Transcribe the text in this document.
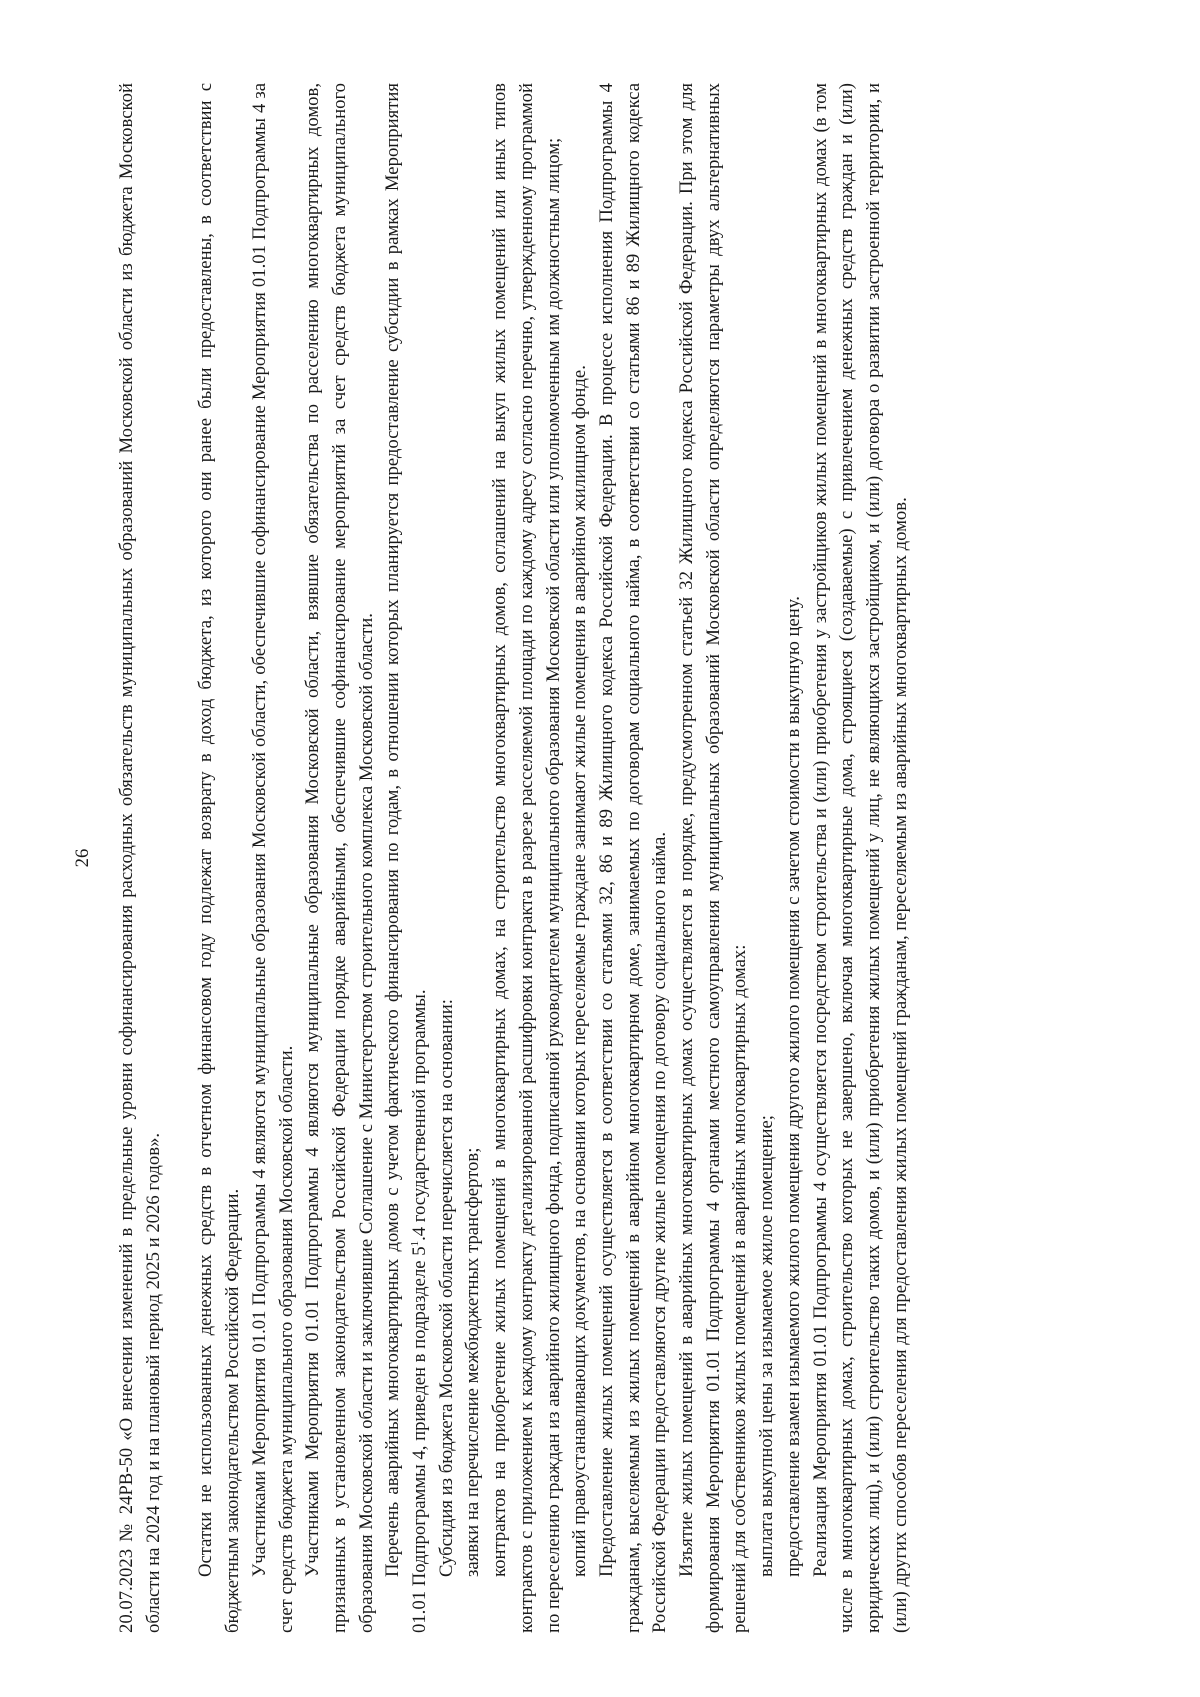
26 20.07.2023 № 24РВ-50 «О внесении изменений в предельные уровни софинансирования расходных обязательств муниципальных образований Московской области из бюджета Московской области на 2024 год и на плановый период 2025 и 2026 годов». Остатки не использованных денежных средств в отчетном финансовом году подлежат возврату в доход бюджета, из которого они ранее были предоставлены, в соответствии с бюджетным законодательством Российской Федерации. Участниками Мероприятия 01.01 Подпрограммы 4 являются муниципальные образования Московской области, обеспечившие софинансирование Мероприятия 01.01 Подпрограммы 4 за счет средств бюджета муниципального образования Московской области. Участниками Мероприятия 01.01 Подпрограммы 4 являются муниципальные образования Московской области, взявшие обязательства по расселению многоквартирных домов, признанных в установленном законодательством Российской Федерации порядке аварийными, обеспечившие софинансирование мероприятий за счет средств бюджета муниципального образования Московской области и заключившие Соглашение с Министерством строительного комплекса Московской области. Перечень аварийных многоквартирных домов с учетом фактического финансирования по годам, в отношении которых планируется предоставление субсидии в рамках Мероприятия 01.01 Подпрограммы 4, приведен в подразделе $5^1.4$ государственной программы. Субсидия из бюджета Московской области перечисляется на основании: заявки на перечисление межбюджетных трансфертов; контрактов на приобретение жилых помещений в многоквартирных домах, на строительство многоквартирных домов, соглашений на выкуп жилых помещений или иных типов контрактов с приложением к каждому контракту детализированной расшифровки контракта в разрезе расселяемой площади по каждому адресу согласно перечню, утвержденному программой по переселению граждан из аварийного жилищного фонда, подписанной руководителем муниципального образования Московской области или уполномоченным им должностным лицом; копий правоустанавливающих документов, на основании которых переселяемые граждане занимают жилые помещения в аварийном жилищном фонде. Предоставление жилых помещений осуществляется в соответствии со статьями 32, 86 и 89 Жилищного кодекса Российской Федерации. В процессе исполнения Подпрограммы 4 гражданам, выселяемым из жилых помещений в аварийном многоквартирном доме, занимаемых по договорам социального найма, в соответствии со статьями 86 и 89 Жилищного кодекса Российской Федерации предоставляются другие жилые помещения по договору социального найма. Изъятие жилых помещений в аварийных многоквартирных домах осуществляется в порядке, предусмотренном статьей 32 Жилищного кодекса Российской Федерации. При этом для формирования Мероприятия 01.01 Подпрограммы 4 органами местного самоуправления муниципальных образований Московской области определяются параметры двух альтернативных решений для собственников жилых помещений в аварийных многоквартирных домах: выплата выкупной цены за изымаемое жилое помещение; предоставление взамен изымаемого жилого помещения другого жилого помещения с зачетом стоимости в выкупную цену. Реализация Мероприятия 01.01 Подпрограммы 4 осуществляется посредством строительства и (или) приобретения у застройщиков жилых помещений в многоквартирных домах (в том числе в многоквартирных домах, строительство которых не завершено, включая многоквартирные дома, строящиеся (создаваемые) с привлечением денежных средств граждан и (или) юридических лиц), и (или) строительство таких домов, и (или) приобретения жилых помещений у лиц, не являющихся застройщиком, и (или) договора о развитии застроенной территории, и (или) других способов переселения для предоставления жилых помещений гражданам, переселяемым из аварийных многоквартирных домов.
